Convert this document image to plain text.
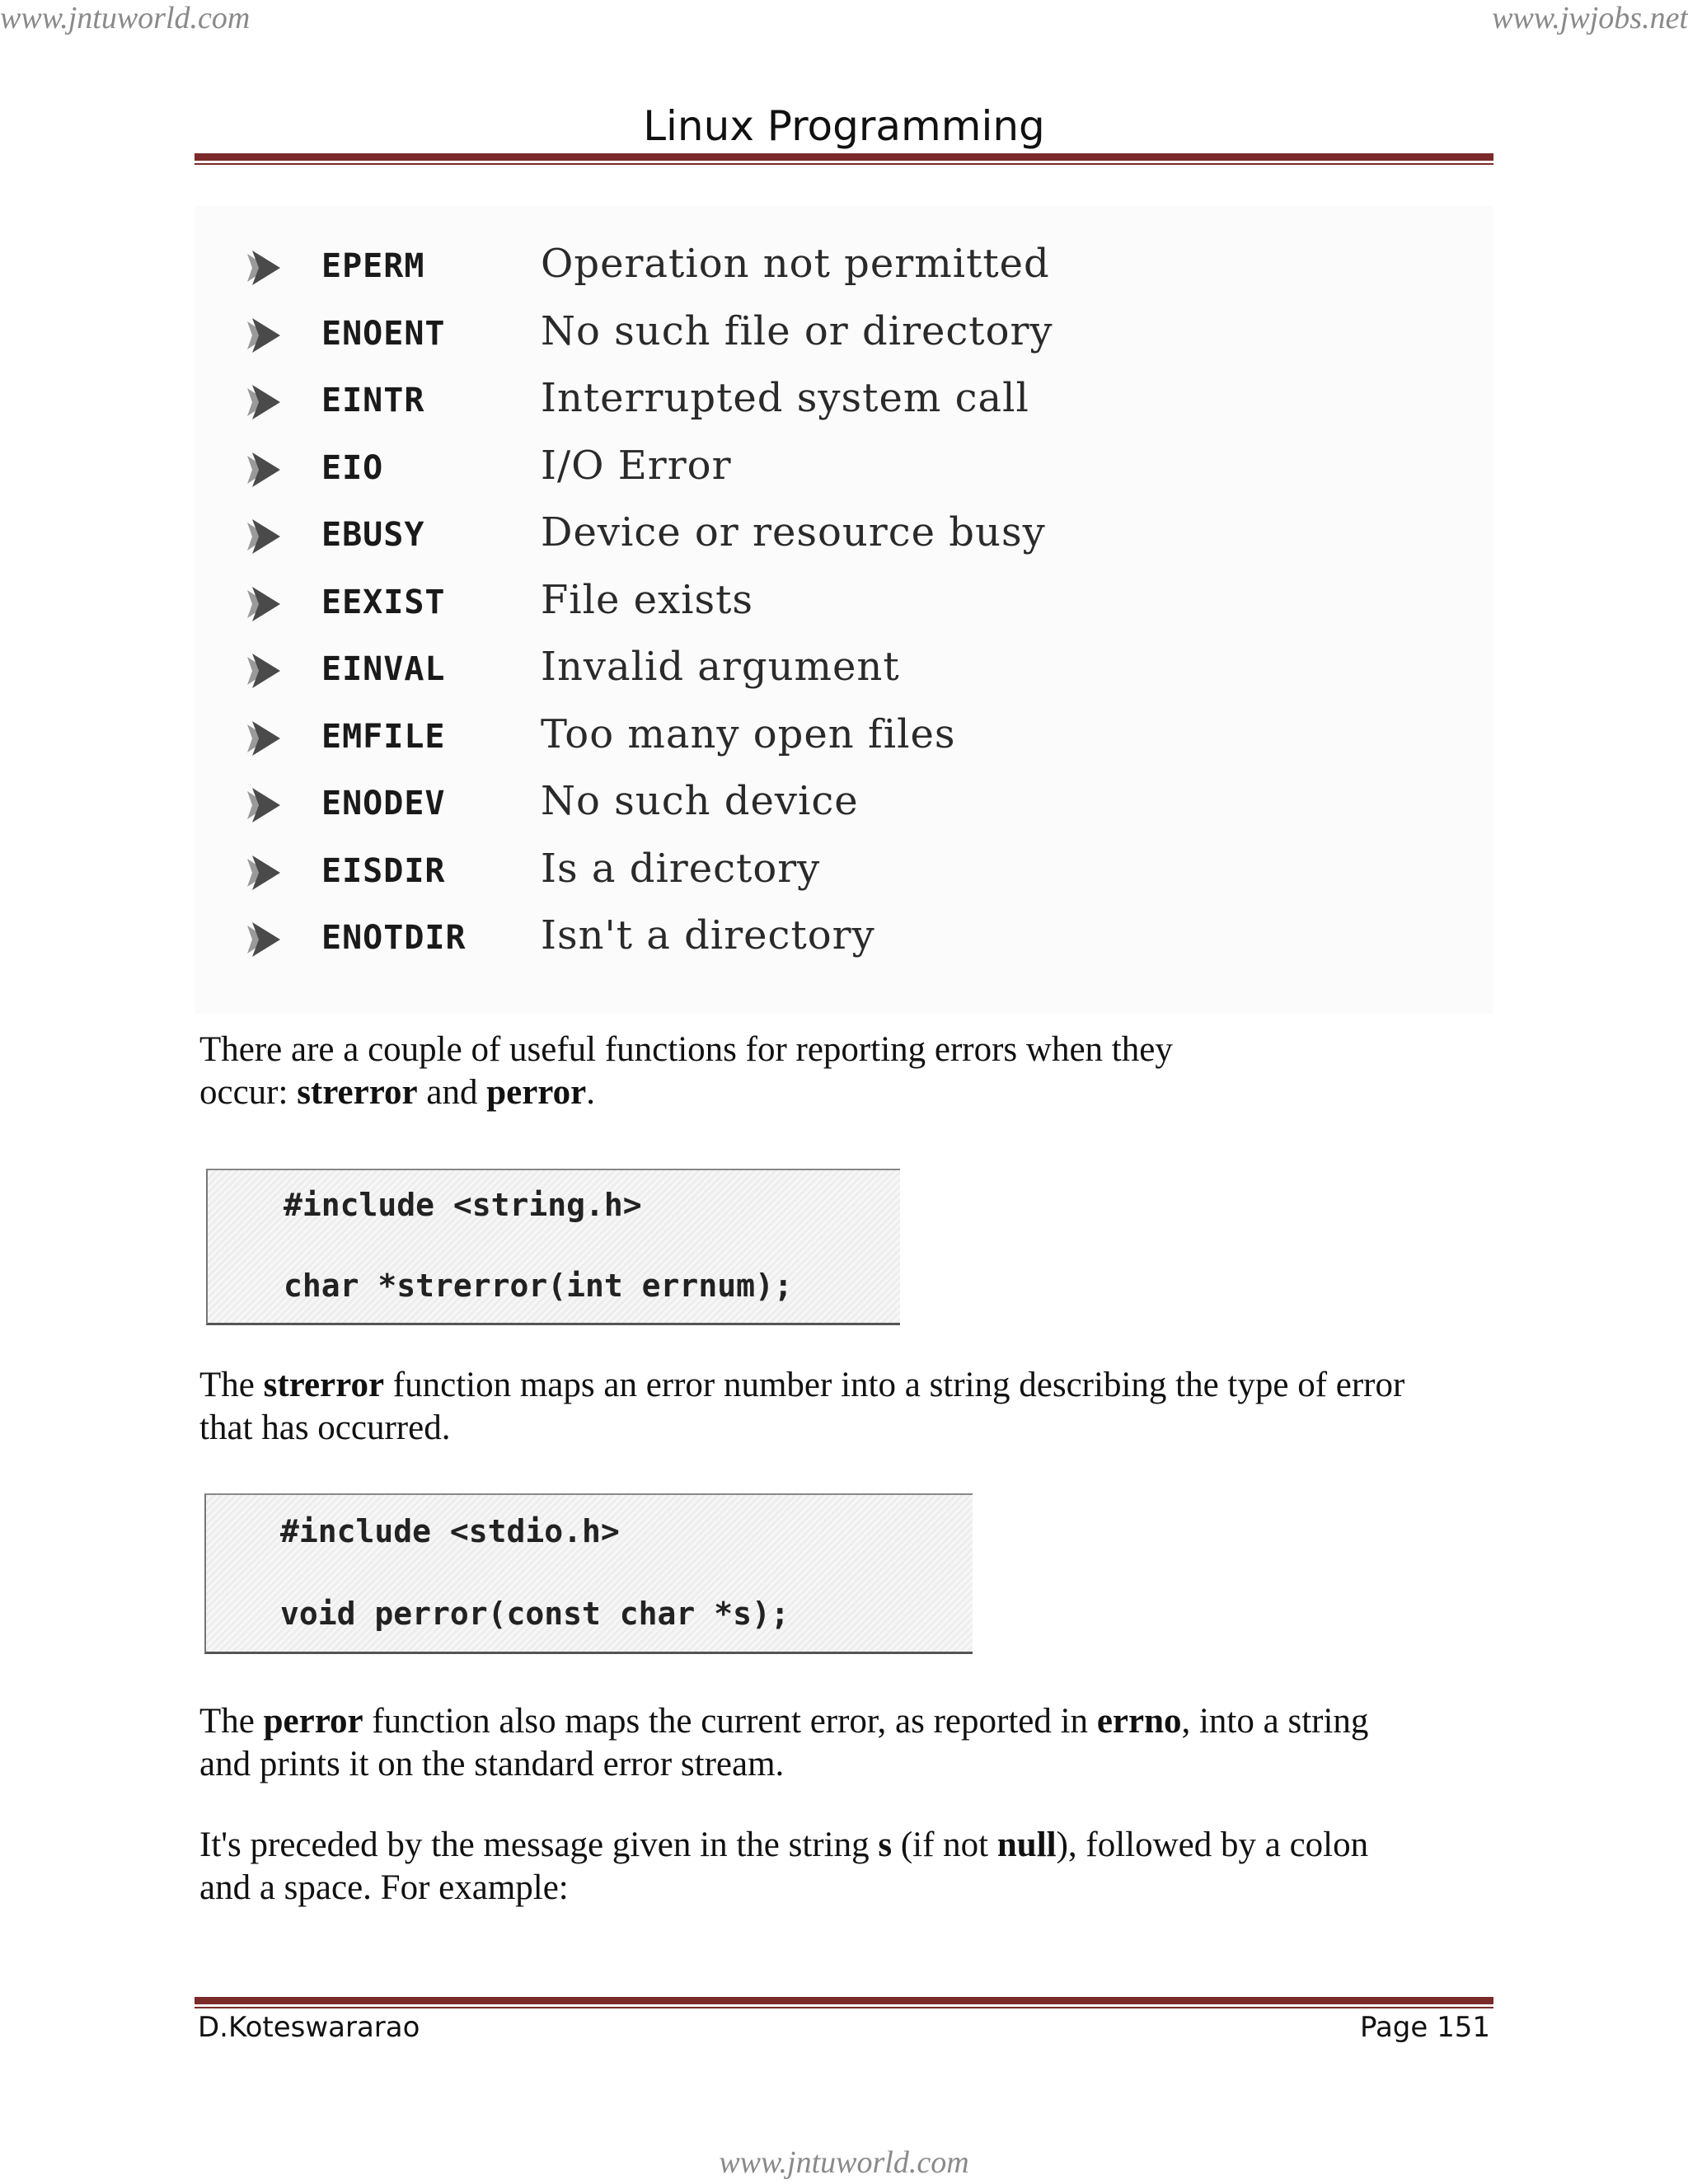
www.jntuworld.com	www.jwjobs.net
Linux Programming
EPERM	Operation not permitted
ENOENT No such file or directory
EINTR	Interrupted system call
EIO	I/O Error
EBUSY	Device or resource busy
EEXIST File exists
EINVAL Invalid argument
EMFILE Too many open files
ENODEV No such device
EISDIR Is a directory
ENOTDIR Isn't a directory
There are a couple of useful functions for reporting errors when they
occur: strerror and perror.
#include <string.h>
char *strerror(int errnum);
The strerror function maps an error number into a string describing the type of error
that has occurred.
#include <stdio.h>
void perror(const char *s);
The perror function also maps the current error, as reported in errno, into a string
and prints it on the standard error stream.
It's preceded by the message given in the string s (if not null), followed by a colon
and a space. For example:
D.Koteswararao	Page 151
www.jntuworld.com
